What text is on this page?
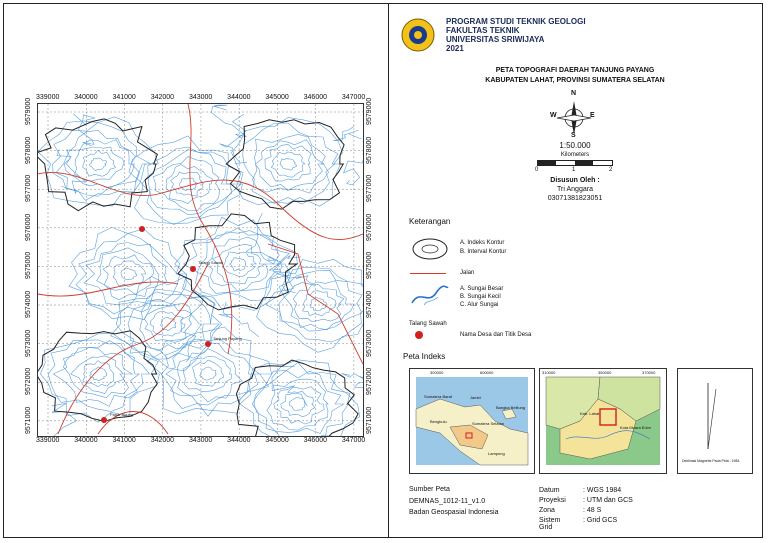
339000 340000 341000 342000 343000 344000 345000 346000 347000
339000 340000 341000 342000 343000 344000 345000 346000 347000
9579000
9578000
9577000
9576000
9575000
9574000
9573000
9572000
9571000
9579000
9578000
9577000
9576000
9575000
9574000
9573000
9572000
9571000
Talang Sawah
Tanjung Payang
Pagar Agung
PROGRAM STUDI TEKNIK GEOLOGI
FAKULTAS TEKNIK
UNIVERSITAS SRIWIJAYA
2021
PETA TOPOGRAFI DAERAH TANJUNG PAYANG
KABUPATEN LAHAT, PROVINSI SUMATERA SELATAN
N
S
E
W
1:50.000
Kilometers
0	1	2
Disusun Oleh :
Tri Anggara
03071381823051
Keterangan
A. Indeks Kontur
B. Interval Kontur
Jalan
A. Sungai Besar
B. Sungai Kecil
C. Alur Sungai
Talang Sawah
Nama Desa dan Titik Desa
Peta Indeks
Sumatera Barat	Jambi
Bengkulu
Bangka Belitung
Sumatera Selatan
Lampung
300000	600000
Kab. Lahat
Kota Muara Enim
310000	350000	370000
Deklinasi Magnetis Pada Peta : 1984
Sumber Peta
DEMNAS_1012-11_v1.0
Badan Geospasial Indonesia
Datum	: WGS 1984
Proyeksi : UTM dan GCS
Zona	: 48 S
Sistem Grid
: Grid GCS
